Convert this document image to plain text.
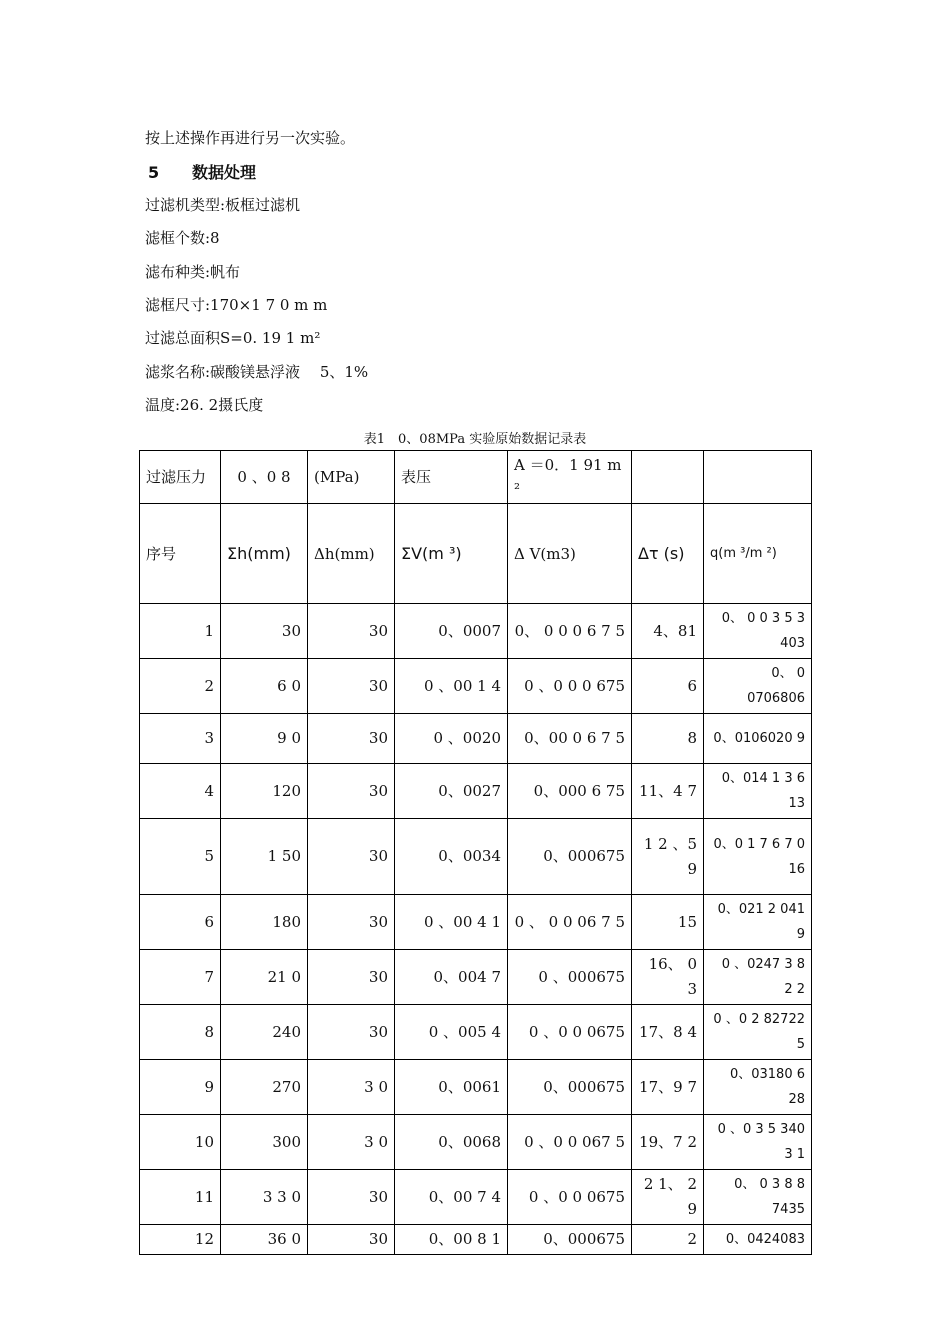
按上述操作再进行另一次实验。
5 数据处理
过滤机类型:板框过滤机
滤框个数:8
滤布种类:帆布
滤框尺寸:170×1 7 0 m m
过滤总面积S=0. 19 1 m²
滤浆名称:碳酸镁悬浮液　 5、1%
温度:26. 2摄氏度
表1　0、08MPa 实验原始数据记录表
过滤压力	0 、0 8	(MPa)	表压	A ＝0．1 91 m ²		
序号	Σh(mm)	Δh(mm)	ΣV(m ³)	Δ V(m3)	Δτ (s)	q(m ³/m ²)
1	30	30	0、0007	0、 0 0 0 6 7 5	4、81	0、 0 0 3 5 3 403
2	6 0	30	0 、00 1 4	0 、0 0 0 675	6	0、 0 0706806
3	9 0	30	0 、0020	0、00 0 6 7 5	8	0、0106020 9
4	120	30	0、0027	0、000 6 75	11、4 7	0、014 1 3 6 13
5	1 50	30	0、0034	0、000675	1 2 、5 9	0、0 1 7 6 7 0 16
6	180	30	0 、00 4 1	0 、 0 0 06 7 5	15	0、021 2 041 9
7	21 0	30	0、004 7	0 、000675	16、 0 3	0 、0247 3 8 2 2
8	240	30	0 、005 4	0 、0 0 0675	17、8 4	0 、0 2 82722 5
9	270	3 0	0、0061	0、000675	17、9 7	0、03180 6 28
10	300	3 0	0、0068	0 、0 0 067 5	19、7 2	0 、0 3 5 340 3 1
11	3 3 0	30	0、00 7 4	0 、0 0 0675	2 1、 2 9	0、 0 3 8 8 7435
12	36 0	30	0、00 8 1	0、000675	2	0、0424083
